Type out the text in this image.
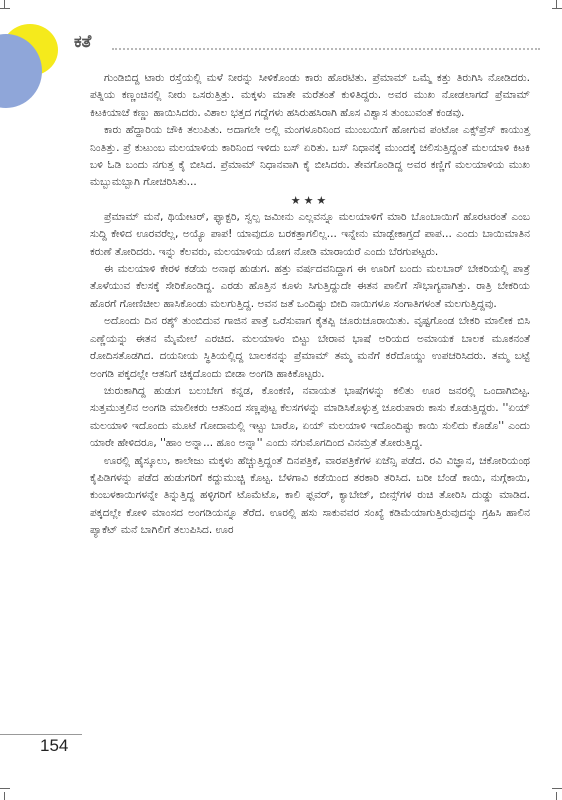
ಕತೆ

ಗುಂಡಿಬಿದ್ದ ಟಾರು ರಸ್ತೆಯಲ್ಲಿ ಮಳೆ ನೀರನ್ನು ಸೀಳಿಕೊಂಡು ಕಾರು ಹೊರಟಿತು. ಪ್ರೆಮಾಮ್ ಒಮ್ಮೆ ಕತ್ತು ತಿರುಗಿಸಿ ನೋಡಿದರು. ಪತ್ನಿಯ ಕಣ್ಣಂಚಿನಲ್ಲಿ ನೀರು ಒಸರುತ್ತಿತ್ತು. ಮಕ್ಕಳು ಮಾತೇ ಮರೆತಂತೆ ಕುಳಿತಿದ್ದರು. ಅವರ ಮುಖ ನೋಡಲಾಗದೆ ಪ್ರೆಮಾಮ್ ಕಿಟಕಿಯಾಚೆ ಕಣ್ಣು ಹಾಯಿಸಿದರು. ವಿಶಾಲ ಭತ್ತದ ಗದ್ದೆಗಳು ಹಸಿರುಹಸಿರಾಗಿ ಹೊಸ ವಿಶ್ವಾಸ ತುಂಬುವಂತೆ ಕಂಡವು.

ಕಾರು ಹೆದ್ದಾರಿಯ ಚೌಕಿ ತಲುಪಿತು. ಅದಾಗಲೇ ಅಲ್ಲಿ ಮಂಗಳೂರಿನಿಂದ ಮುಂಬಯಿಗೆ ಹೋಗುವ ಪಂಟೋ ಎಕ್ಸ್‌ಪ್ರೆಸ್ ಕಾಯುತ್ತ ನಿಂತಿತ್ತು. ಪ್ರೆ ಕುಟುಂಬ ಮಲಯಾಳಿಯ ಕಾರಿನಿಂದ ಇಳಿದು ಬಸ್ ಏರಿತು. ಬಸ್ ನಿಧಾನಕ್ಕೆ ಮುಂದಕ್ಕೆ ಚಲಿಸುತ್ತಿದ್ದಂತೆ ಮಲಯಾಳಿ ಕಿಟಕಿ ಬಳಿ ಓಡಿ ಬಂದು ನಗುತ್ತ ಕೈ ಬೀಸಿದ. ಪ್ರೆಮಾಮ್ ನಿಧಾನವಾಗಿ ಕೈ ಬೀಸಿದರು. ತೇವಗೊಂಡಿದ್ದ ಅವರ ಕಣ್ಣಿಗೆ ಮಲಯಾಳಿಯ ಮುಖ ಮಬ್ಬುಮಬ್ಬಾಗಿ ಗೋಚರಿಸಿತು...

★★★

ಪ್ರೆಮಾಮ್ ಮನೆ, ಥಿಯೇಟರ್, ಫ್ಯಾಕ್ಟರಿ, ಸ್ವಲ್ಪ ಜಮೀನು ಎಲ್ಲವನ್ನೂ ಮಲಯಾಳಿಗೆ ಮಾರಿ ಬೊಂಬಾಯಿಗೆ ಹೊರಟರಂತೆ ಎಂಬ ಸುದ್ದಿ ಕೇಳಿದ ಊರವರೆಲ್ಲ, ಅಯ್ಯೊ ಪಾಪ! ಯಾವುದೂ ಬರಕತ್ತಾಗಲಿಲ್ಲ... ಇನ್ನೇನು ಮಾಡ್ಬೇಕಾಗ್ತದೆ ಪಾಪ... ಎಂದು ಬಾಯಿಮಾತಿನ ಕರುಣೆ ತೋರಿದರು. ಇನ್ನು ಕೆಲವರು, ಮಲಯಾಳಿಯ ಯೋಗ ನೋಡಿ ಮಾರಾಯರೆ ಎಂದು ಬೆರಗುಪಟ್ಟರು.

ಈ ಮಲಯಾಳಿ ಕೇರಳ ಕಡೆಯ ಅನಾಥ ಹುಡುಗ. ಹತ್ತು ವರ್ಷದವನಿದ್ದಾಗ ಈ ಊರಿಗೆ ಬಂದು ಮಲಬಾರ್ ಬೇಕರಿಯಲ್ಲಿ ಪಾತ್ರೆ ತೊಳೆಯುವ ಕೆಲಸಕ್ಕೆ ಸೇರಿಕೊಂಡಿದ್ದ. ಎರಡು ಹೊತ್ತಿನ ಕೂಳು ಸಿಗುತ್ತಿದ್ದುದೇ ಈತನ ಪಾಲಿಗೆ ಸೌಭಾಗ್ಯವಾಗಿತ್ತು. ರಾತ್ರಿ ಬೇಕರಿಯ ಹೊರಗೆ ಗೋಣಿಚೀಲ ಹಾಸಿಕೊಂಡು ಮಲಗುತ್ತಿದ್ದ. ಅವನ ಜತೆ ಒಂದಿಷ್ಟು ಬೀದಿ ನಾಯಿಗಳೂ ಸಂಗಾತಿಗಳಂತೆ ಮಲಗುತ್ತಿದ್ದವು.

ಅದೊಂದು ದಿನ ರಶ್ಶ್ ತುಂಬಿದುವ ಗಾಜಿನ ಪಾತ್ರೆ ಒರೆಸುವಾಗ ಕೈತಪ್ಪಿ ಚೂರುಚೂರಾಯಿತು. ವೃಷ್ಟಗೊಂಡ ಬೇಕರಿ ಮಾಲೀಕ ಬಿಸಿ ಎಣ್ಣೆಯನ್ನು ಈತನ ಮೈಮೇಲೆ ಎರಚಿದ. ಮಲಯಾಳಂ ಬಿಟ್ಟು ಬೇರಾವ ಭಾಷೆ ಅರಿಯದ ಅಮಾಯಕ ಬಾಲಕ ಮೂಕನಂತೆ ರೋದಿಸತೊಡಗಿದ. ದಯನೀಯ ಸ್ಥಿತಿಯಲ್ಲಿದ್ದ ಬಾಲಕನನ್ನು ಪ್ರೆಮಾಮ್ ತಮ್ಮ ಮನೆಗೆ ಕರೆದೊಯ್ದು ಉಪಚರಿಸಿದರು. ತಮ್ಮ ಬಟ್ಟೆ ಅಂಗಡಿ ಪಕ್ಕದಲ್ಲೇ ಆತನಿಗೆ ಚಿಕ್ಕದೊಂದು ಬೀಡಾ ಅಂಗಡಿ ಹಾಕಿಕೊಟ್ಟರು.

ಚುರುಕಾಗಿದ್ದ ಹುಡುಗ ಬಲುಬೇಗ ಕನ್ನಡ, ಕೊಂಕಣಿ, ನವಾಯತ ಭಾಷೆಗಳನ್ನು ಕಲಿತು ಊರ ಜನರಲ್ಲಿ ಒಂದಾಗಿಬಿಟ್ಟ. ಸುತ್ತಮುತ್ತಲಿನ ಅಂಗಡಿ ಮಾಲೀಕರು ಆತನಿಂದ ಸಣ್ಣಪುಟ್ಟ ಕೆಲಸಗಳನ್ನು ಮಾಡಿಸಿಕೊಳ್ಳುತ್ತ ಚೂರುಪಾರು ಕಾಸು ಕೊಡುತ್ತಿದ್ದರು. ''ಏಯ್ ಮಲಯಾಳಿ ಇದೊಂದು ಮೂಟೆ ಗೋದಾಮಲ್ಲಿ ಇಟ್ಟು ಬಾರೊ, ಏಯ್ ಮಲಯಾಳಿ ಇದೊಂದಿಷ್ಟು ಕಾಯಿ ಸುಲಿದು ಕೊಡೊ'' ಎಂದು ಯಾರೇ ಹೇಳಿದರೂ, ''ಹಾಂ ಅನ್ನಾ... ಹೂಂ ಅನ್ನಾ'' ಎಂದು ನಗುಮೊಗದಿಂದ ವಿನಮ್ರತೆ ತೋರುತ್ತಿದ್ದ.

ಊರಲ್ಲಿ ಹೈಸ್ಕೂಲು, ಕಾಲೇಜು ಮಕ್ಕಳು ಹೆಚ್ಚುತ್ತಿದ್ದಂತೆ ದಿನಪತ್ರಿಕೆ, ವಾರಪತ್ರಿಕೆಗಳ ಏಜೆನ್ಸಿ ಪಡೆದ. ರವಿ ವಿಜ್ಞಾನ, ಚಕೋರಿಯಂಥ ಕೈಪಿಡಿಗಳನ್ನು ಪಡೆದ ಹುಡುಗರಿಗೆ ಕದ್ದುಮುಚ್ಚಿ ಕೊಟ್ಟ. ಬೆಳಗಾವಿ ಕಡೆಯಿಂದ ತರಕಾರಿ ತರಿಸಿದ. ಬರೀ ಬೆಂಡೆ ಕಾಯಿ, ನುಗ್ಗೆಕಾಯಿ, ಕುಂಬಳಕಾಯಿಗಳನ್ನೇ ತಿನ್ನುತ್ತಿದ್ದ ಹಳ್ಳಿಗರಿಗೆ ಟೊಮೆಟೊ, ಕಾಲಿ ಫ್ಲವರ್, ಕ್ಯಾಬೇಜ್, ಬೀನ್ಸ್‌ಗಳ ರುಚಿ ತೋರಿಸಿ ದುಡ್ಡು ಮಾಡಿದ. ಪಕ್ಕದಲ್ಲೇ ಕೋಳಿ ಮಾಂಸದ ಅಂಗಡಿಯನ್ನೂ ತೆರೆದ. ಊರಲ್ಲಿ ಹಸು ಸಾಕುವವರ ಸಂಖ್ಯೆ ಕಡಿಮೆಯಾಗುತ್ತಿರುವುದನ್ನು ಗ್ರಹಿಸಿ ಹಾಲಿನ ಪ್ಯಾಕೆಟ್ ಮನೆ ಬಾಗಿಲಿಗೆ ತಲುಪಿಸಿದ. ಊರ

154
